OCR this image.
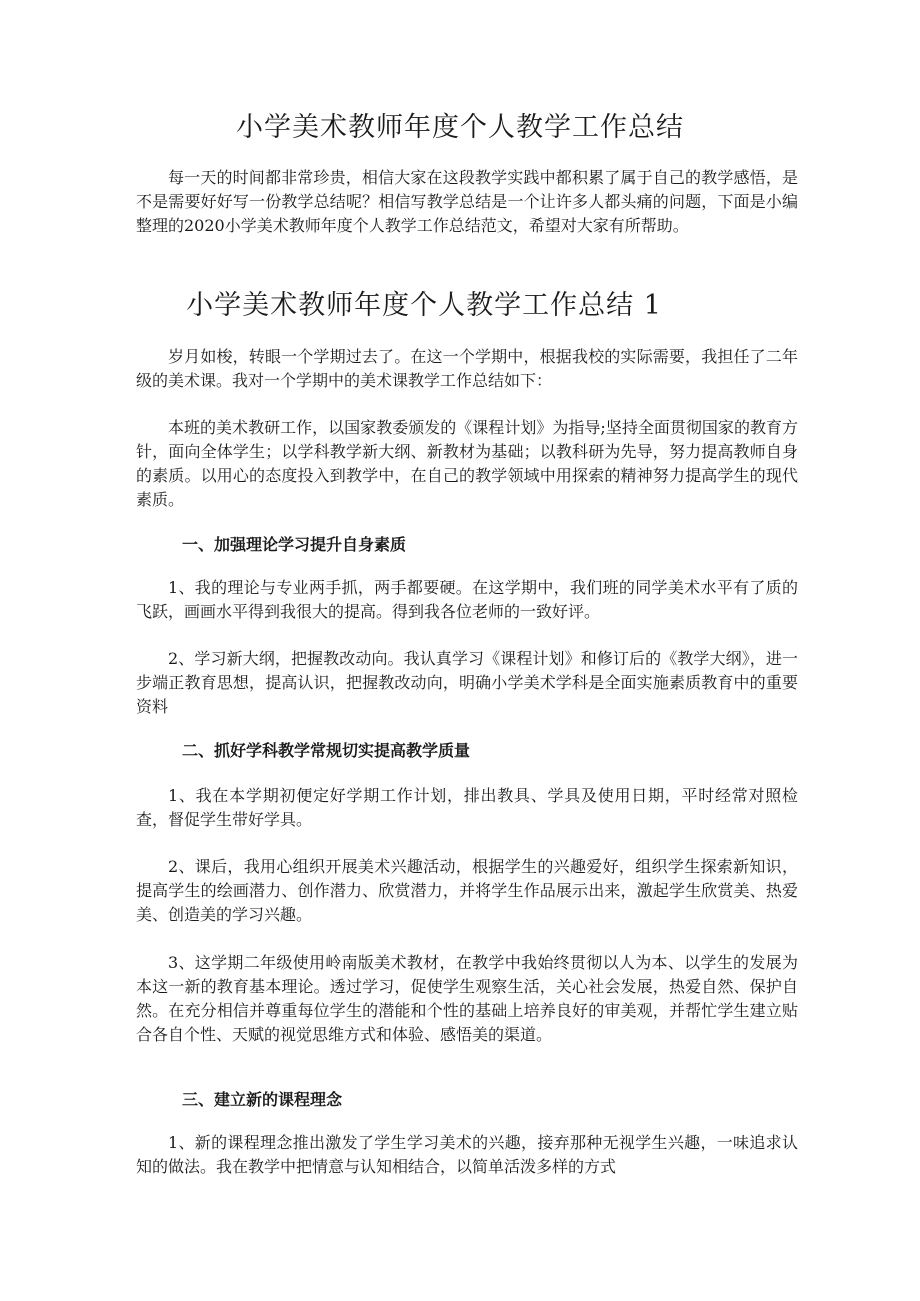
小学美术教师年度个人教学工作总结

每一天的时间都非常珍贵，相信大家在这段教学实践中都积累了属于自己的教学感悟，是不是需要好好写一份教学总结呢？相信写教学总结是一个让许多人都头痛的问题，下面是小编整理的2020小学美术教师年度个人教学工作总结范文，希望对大家有所帮助。

小学美术教师年度个人教学工作总结 1

岁月如梭，转眼一个学期过去了。在这一个学期中，根据我校的实际需要，我担任了二年级的美术课。我对一个学期中的美术课教学工作总结如下：

本班的美术教研工作，以国家教委颁发的《课程计划》为指导;坚持全面贯彻国家的教育方针，面向全体学生；以学科教学新大纲、新教材为基础；以教科研为先导，努力提高教师自身的素质。以用心的态度投入到教学中，在自己的教学领域中用探索的精神努力提高学生的现代素质。

一、加强理论学习提升自身素质

1、我的理论与专业两手抓，两手都要硬。在这学期中，我们班的同学美术水平有了质的飞跃，画画水平得到我很大的提高。得到我各位老师的一致好评。

2、学习新大纲，把握教改动向。我认真学习《课程计划》和修订后的《教学大纲》，进一步端正教育思想，提高认识，把握教改动向，明确小学美术学科是全面实施素质教育中的重要资料

二、抓好学科教学常规切实提高教学质量

1、我在本学期初便定好学期工作计划，排出教具、学具及使用日期，平时经常对照检查，督促学生带好学具。

2、课后，我用心组织开展美术兴趣活动，根据学生的兴趣爱好，组织学生探索新知识，提高学生的绘画潜力、创作潜力、欣赏潜力，并将学生作品展示出来，激起学生欣赏美、热爱美、创造美的学习兴趣。

3、这学期二年级使用岭南版美术教材，在教学中我始终贯彻以人为本、以学生的发展为本这一新的教育基本理论。透过学习，促使学生观察生活，关心社会发展，热爱自然、保护自然。在充分相信并尊重每位学生的潜能和个性的基础上培养良好的审美观，并帮忙学生建立贴合各自个性、天赋的视觉思维方式和体验、感悟美的渠道。

三、建立新的课程理念

1、新的课程理念推出激发了学生学习美术的兴趣，接弃那种无视学生兴趣，一味追求认知的做法。我在教学中把情意与认知相结合，以简单活泼多样的方式
